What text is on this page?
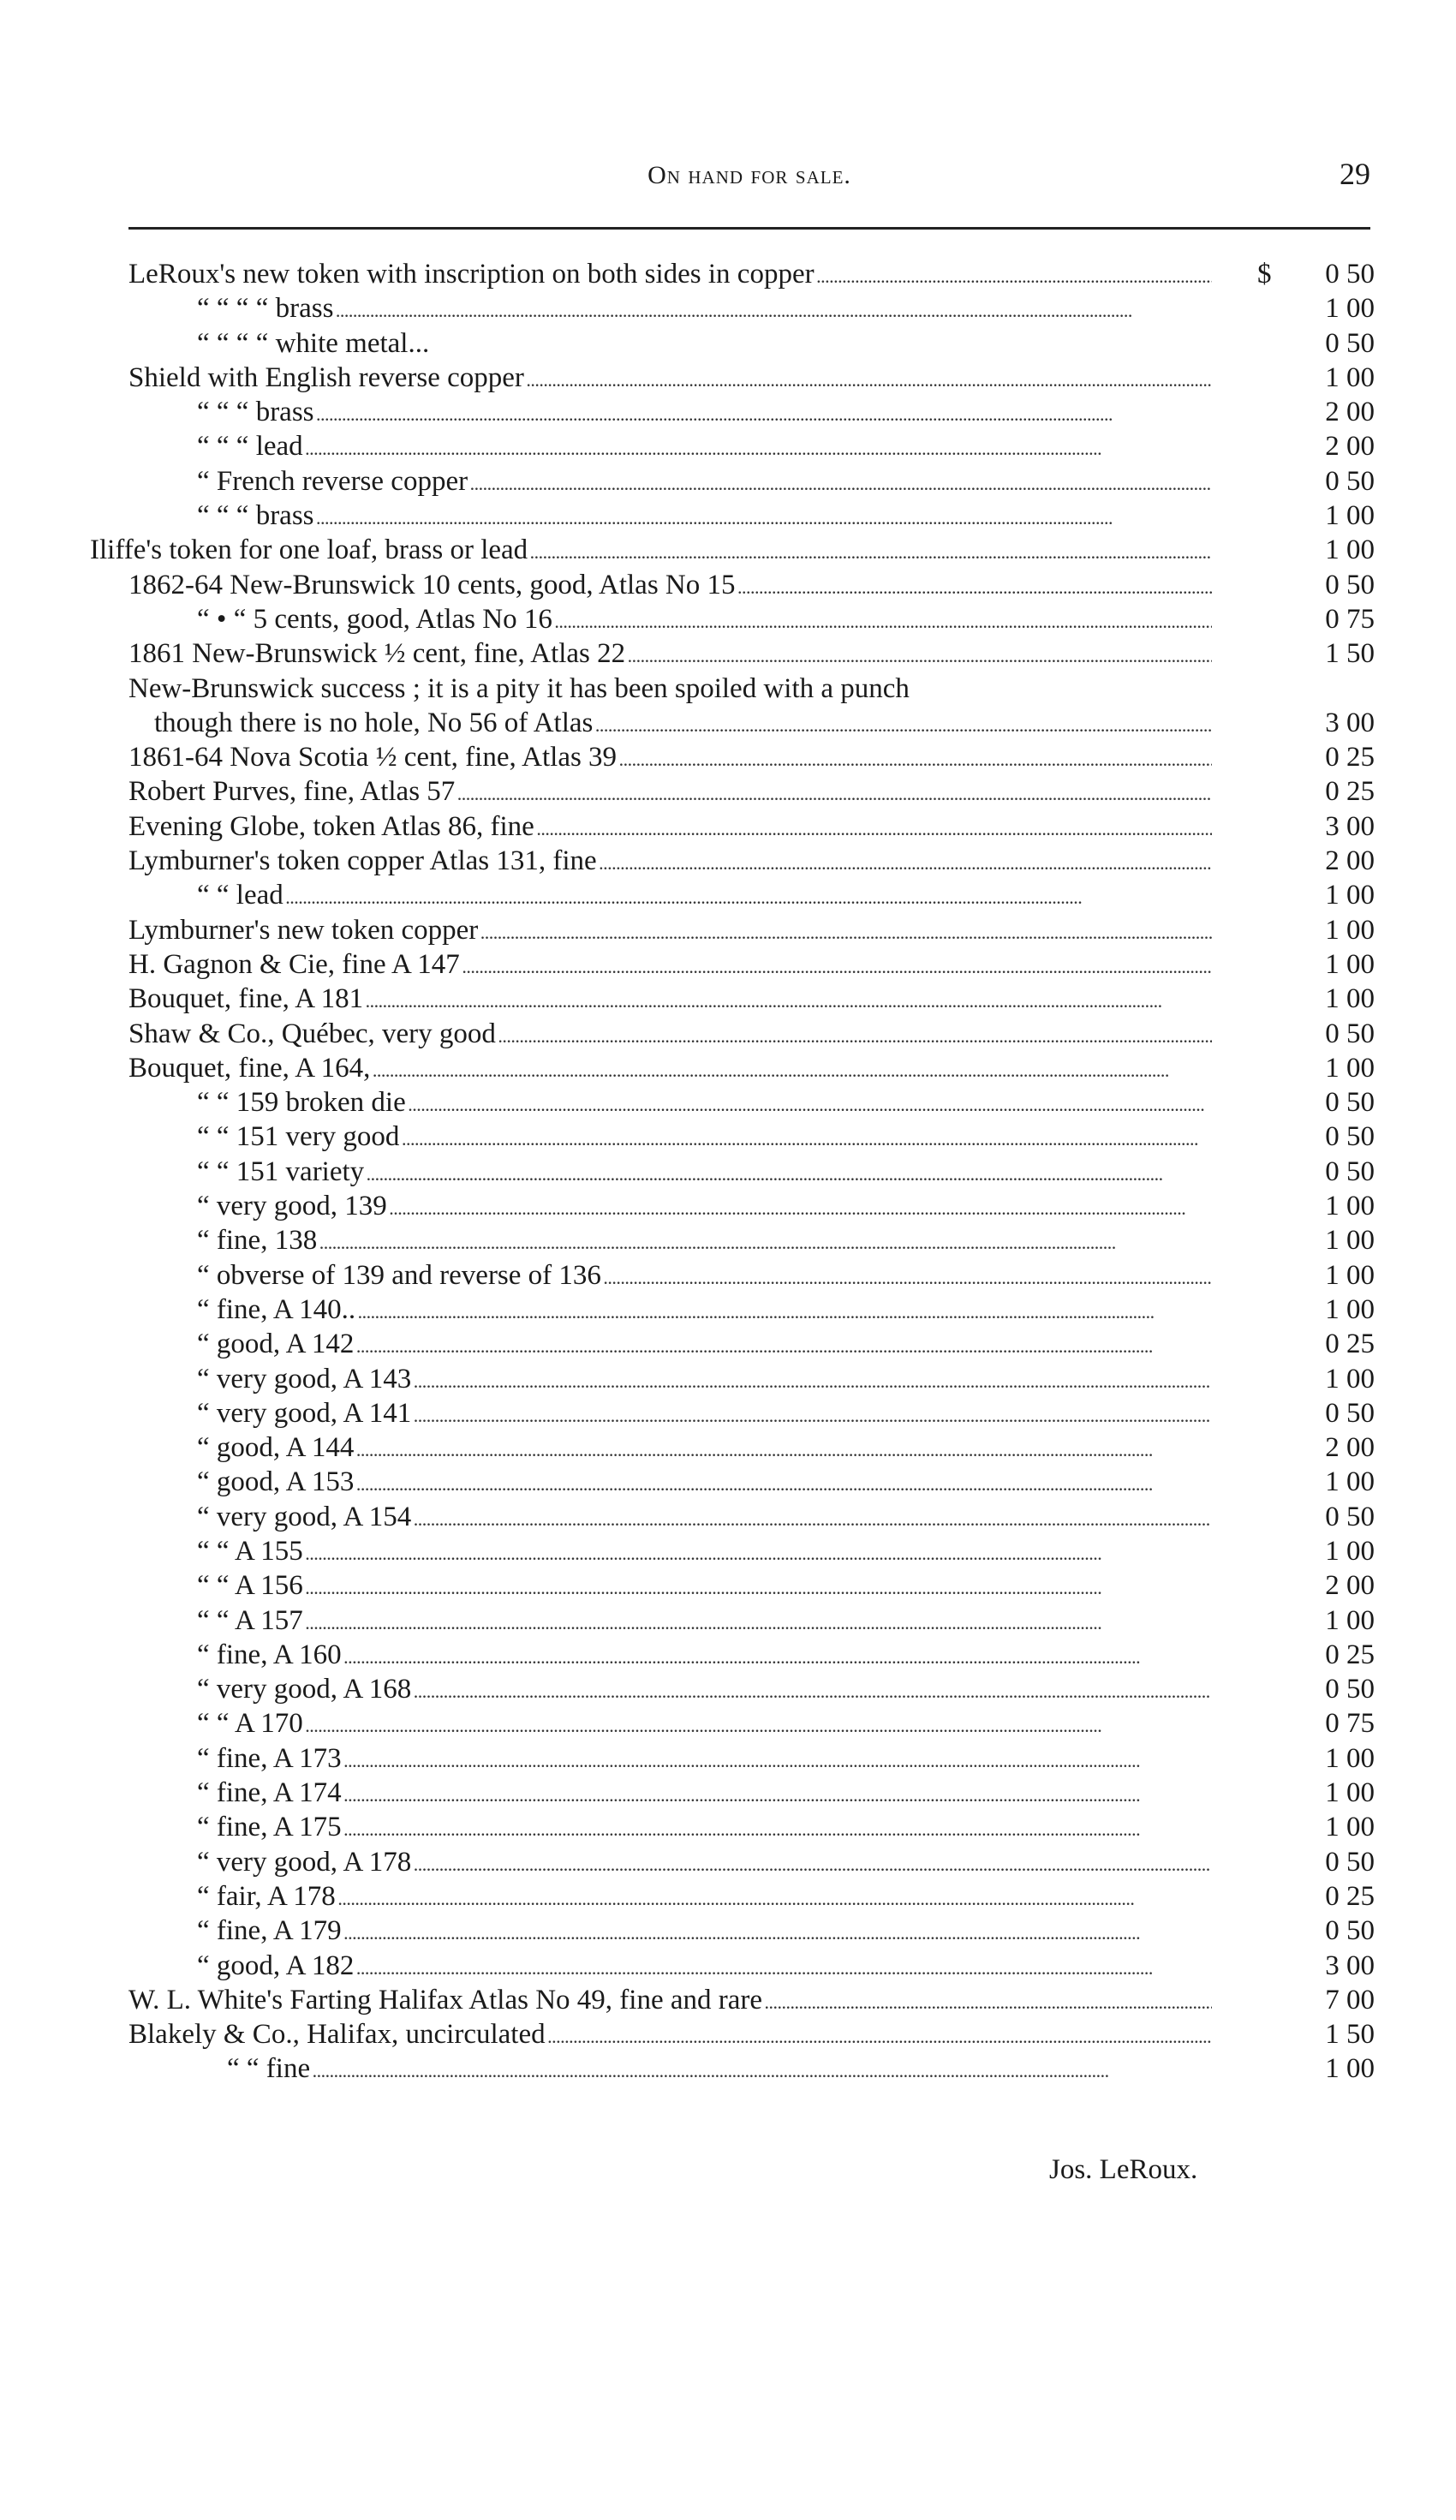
On hand for sale.	29
LeRoux's new token with inscription on both sides in copper . . .	$	0 50
“ “ “ “ brass . . .	1 00
“ “ “ “ white metal...	0 50
Shield with English reverse copper . . .	1 00
“ “ “ brass . . .	2 00
“ “ “ lead . . .	2 00
“ French reverse copper . . .	0 50
“ “ “ brass . . .	1 00
Iliffe's token for one loaf, brass or lead . . .	1 00
1862-64 New-Brunswick 10 cents, good, Atlas No 15 . . .	0 50
“ • “ 5 cents, good, Atlas No 16 . . .	0 75
1861 New-Brunswick ½ cent, fine, Atlas 22 . . .	1 50
New-Brunswick success ; it is a pity it has been spoiled with a punch
though there is no hole, No 56 of Atlas . . .	3 00
1861-64 Nova Scotia ½ cent, fine, Atlas 39 . . .	0 25
Robert Purves, fine, Atlas 57 . . .	0 25
Evening Globe, token Atlas 86, fine . . .	3 00
Lymburner's token copper Atlas 131, fine . . .	2 00
“ “ lead . . .	1 00
Lymburner's new token copper . . .	1 00
H. Gagnon & Cie, fine A 147 . . .	1 00
Bouquet, fine, A 181 . . .	1 00
Shaw & Co., Québec, very good . . .	0 50
Bouquet, fine, A 164, . . .	1 00
“ “ 159 broken die . . .	0 50
“ “ 151 very good . . .	0 50
“ “ 151 variety . . .	0 50
“ very good, 139 . . .	1 00
“ fine, 138 . . .	1 00
“ obverse of 139 and reverse of 136 . . .	1 00
“ fine, A 140.. . . .	1 00
“ good, A 142 . . .	0 25
“ very good, A 143 . . .	1 00
“ very good, A 141 . . .	0 50
“ good, A 144 . . .	2 00
“ good, A 153 . . .	1 00
“ very good, A 154 . . .	0 50
“ “ A 155 . . .	1 00
“ “ A 156 . . .	2 00
“ “ A 157 . . .	1 00
“ fine, A 160 . . .	0 25
“ very good, A 168 . . .	0 50
“ “ A 170 . . .	0 75
“ fine, A 173 . . .	1 00
“ fine, A 174 . . .	1 00
“ fine, A 175 . . .	1 00
“ very good, A 178 . . .	0 50
“ fair, A 178 . . .	0 25
“ fine, A 179 . . .	0 50
“ good, A 182 . . .	3 00
W. L. White's Farting Halifax Atlas No 49, fine and rare . . .	7 00
Blakely & Co., Halifax, uncirculated . . .	1 50
“ “ fine . . .	1 00
Jos. LeRoux.
